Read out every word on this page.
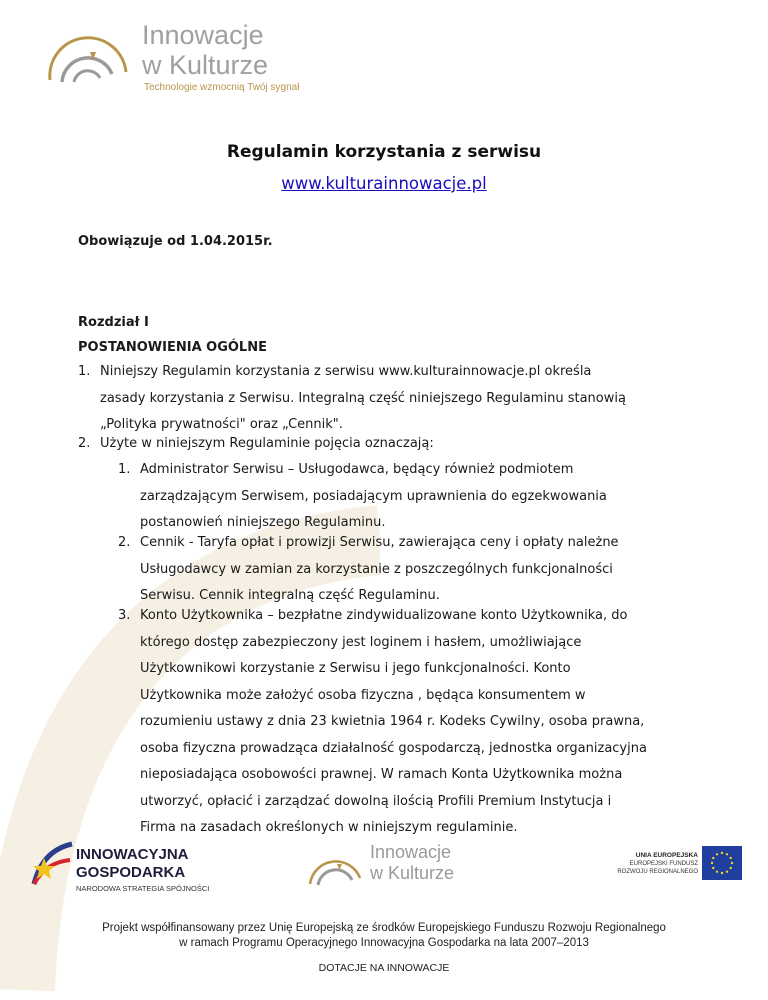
Innowacje
w Kulturze
Technologie wzmocnią Twój sygnał
Regulamin korzystania z serwisu
www.kulturainnowacje.pl
Obowiązuje od 1.04.2015r.
Rozdział I
POSTANOWIENIA OGÓLNE
1. Niniejszy Regulamin korzystania z serwisu www.kulturainnowacje.pl określa
zasady korzystania z Serwisu. Integralną część niniejszego Regulaminu stanowią
„Polityka prywatności" oraz „Cennik".
2. Użyte w niniejszym Regulaminie pojęcia oznaczają:
1. Administrator Serwisu – Usługodawca, będący również podmiotem
zarządzającym Serwisem, posiadającym uprawnienia do egzekwowania
postanowień niniejszego Regulaminu.
2. Cennik - Taryfa opłat i prowizji Serwisu, zawierająca ceny i opłaty należne
Usługodawcy w zamian za korzystanie z poszczególnych funkcjonalności
Serwisu. Cennik integralną część Regulaminu.
3. Konto Użytkownika – bezpłatne zindywidualizowane konto Użytkownika, do
którego dostęp zabezpieczony jest loginem i hasłem, umożliwiające
Użytkownikowi korzystanie z Serwisu i jego funkcjonalności. Konto
Użytkownika może założyć osoba fizyczna , będąca konsumentem w
rozumieniu ustawy z dnia 23 kwietnia 1964 r. Kodeks Cywilny, osoba prawna,
osoba fizyczna prowadząca działalność gospodarczą, jednostka organizacyjna
nieposiadająca osobowości prawnej. W ramach Konta Użytkownika można
utworzyć, opłacić i zarządzać dowolną ilością Profili Premium Instytucja i
Firma na zasadach określonych w niniejszym regulaminie.
INNOWACYJNA
GOSPODARKA
NARODOWA STRATEGIA SPÓJNOŚCI
Innowacje
w Kulturze
UNIA EUROPEJSKA
EUROPEJSKI FUNDUSZ
ROZWOJU REGIONALNEGO
Projekt współfinansowany przez Unię Europejską ze środków Europejskiego Funduszu Rozwoju Regionalnego
w ramach Programu Operacyjnego Innowacyjna Gospodarka na lata 2007–2013
DOTACJE NA INNOWACJE
